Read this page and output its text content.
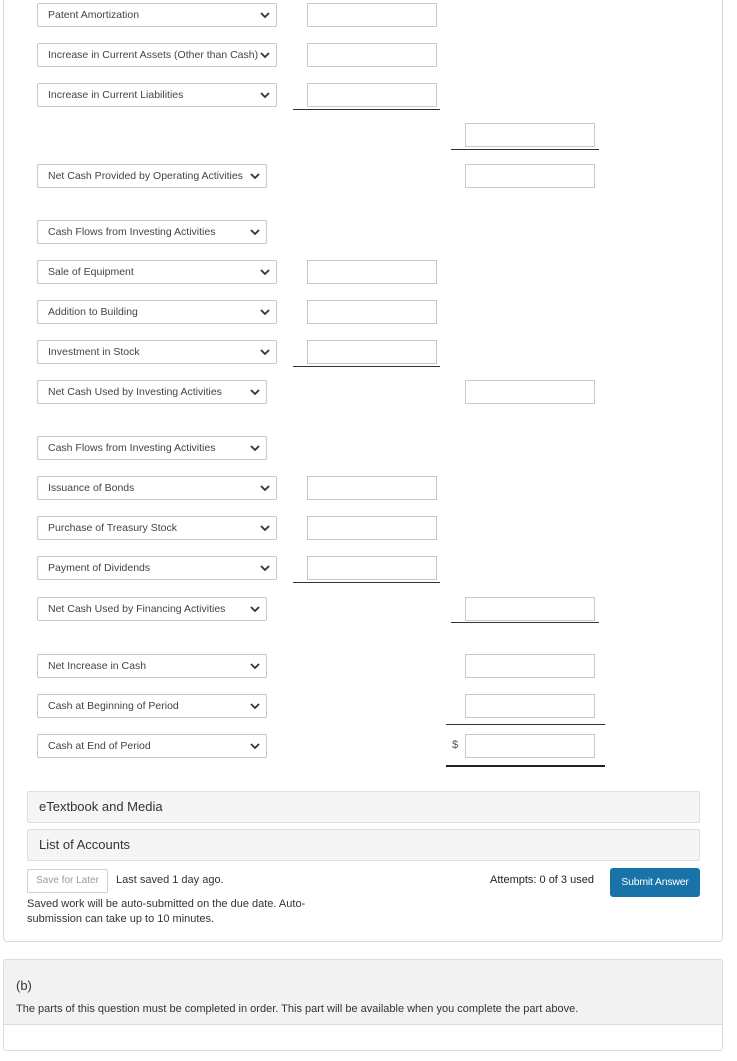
Patent Amortization
Increase in Current Assets (Other than Cash)
Increase in Current Liabilities
Net Cash Provided by Operating Activities
Cash Flows from Investing Activities
Sale of Equipment
Addition to Building
Investment in Stock
Net Cash Used by Investing Activities
Cash Flows from Investing Activities
Issuance of Bonds
Purchase of Treasury Stock
Payment of Dividends
Net Cash Used by Financing Activities
Net Increase in Cash
Cash at Beginning of Period
Cash at End of Period	$
eTextbook and Media
List of Accounts
Save for Later	Last saved 1 day ago.
Saved work will be auto-submitted on the due date. Auto-submission can take up to 10 minutes.
Attempts: 0 of 3 used	Submit Answer
(b)
The parts of this question must be completed in order. This part will be available when you complete the part above.
